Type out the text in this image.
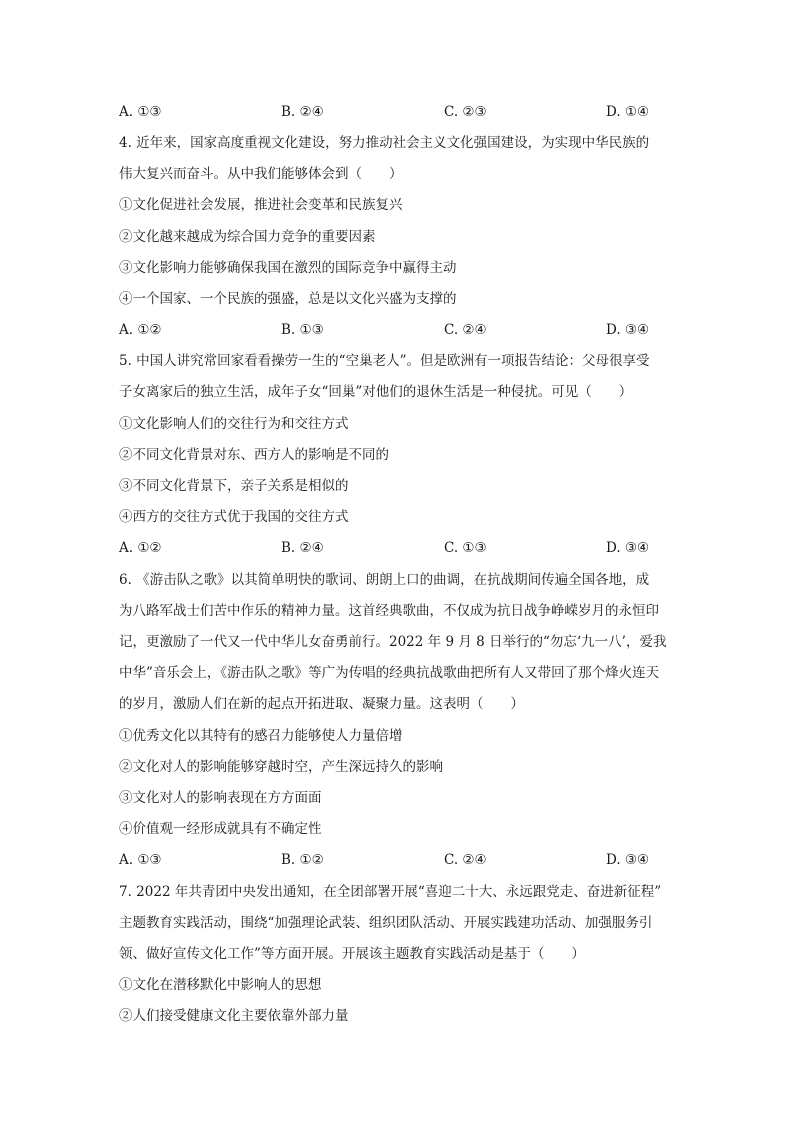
A. ①③	B. ②④	C. ②③	D. ①④
4. 近年来，国家高度重视文化建设，努力推动社会主义文化强国建设，为实现中华民族的
伟大复兴而奋斗。从中我们能够体会到（　　）
①文化促进社会发展，推进社会变革和民族复兴
②文化越来越成为综合国力竞争的重要因素
③文化影响力能够确保我国在激烈的国际竞争中赢得主动
④一个国家、一个民族的强盛，总是以文化兴盛为支撑的
A. ①②	B. ①③	C. ②④	D. ③④
5. 中国人讲究常回家看看操劳一生的“空巢老人”。但是欧洲有一项报告结论：父母很享受
子女离家后的独立生活，成年子女“回巢”对他们的退休生活是一种侵扰。可见（　　）
①文化影响人们的交往行为和交往方式
②不同文化背景对东、西方人的影响是不同的
③不同文化背景下，亲子关系是相似的
④西方的交往方式优于我国的交往方式
A. ①②	B. ②④	C. ①③	D. ③④
6. 《游击队之歌》以其简单明快的歌词、朗朗上口的曲调，在抗战期间传遍全国各地，成
为八路军战士们苦中作乐的精神力量。这首经典歌曲，不仅成为抗日战争峥嵘岁月的永恒印
记，更激励了一代又一代中华儿女奋勇前行。2022 年 9 月 8 日举行的“勿忘‘九一八’，爱我
中华”音乐会上，《游击队之歌》等广为传唱的经典抗战歌曲把所有人又带回了那个烽火连天
的岁月，激励人们在新的起点开拓进取、凝聚力量。这表明（　　）
①优秀文化以其特有的感召力能够使人力量倍增
②文化对人的影响能够穿越时空，产生深远持久的影响
③文化对人的影响表现在方方面面
④价值观一经形成就具有不确定性
A. ①③	B. ①②	C. ②④	D. ③④
7. 2022 年共青团中央发出通知，在全团部署开展“喜迎二十大、永远跟党走、奋进新征程”
主题教育实践活动，围绕“加强理论武装、组织团队活动、开展实践建功活动、加强服务引
领、做好宣传文化工作”等方面开展。开展该主题教育实践活动是基于（　　）
①文化在潜移默化中影响人的思想
②人们接受健康文化主要依靠外部力量
